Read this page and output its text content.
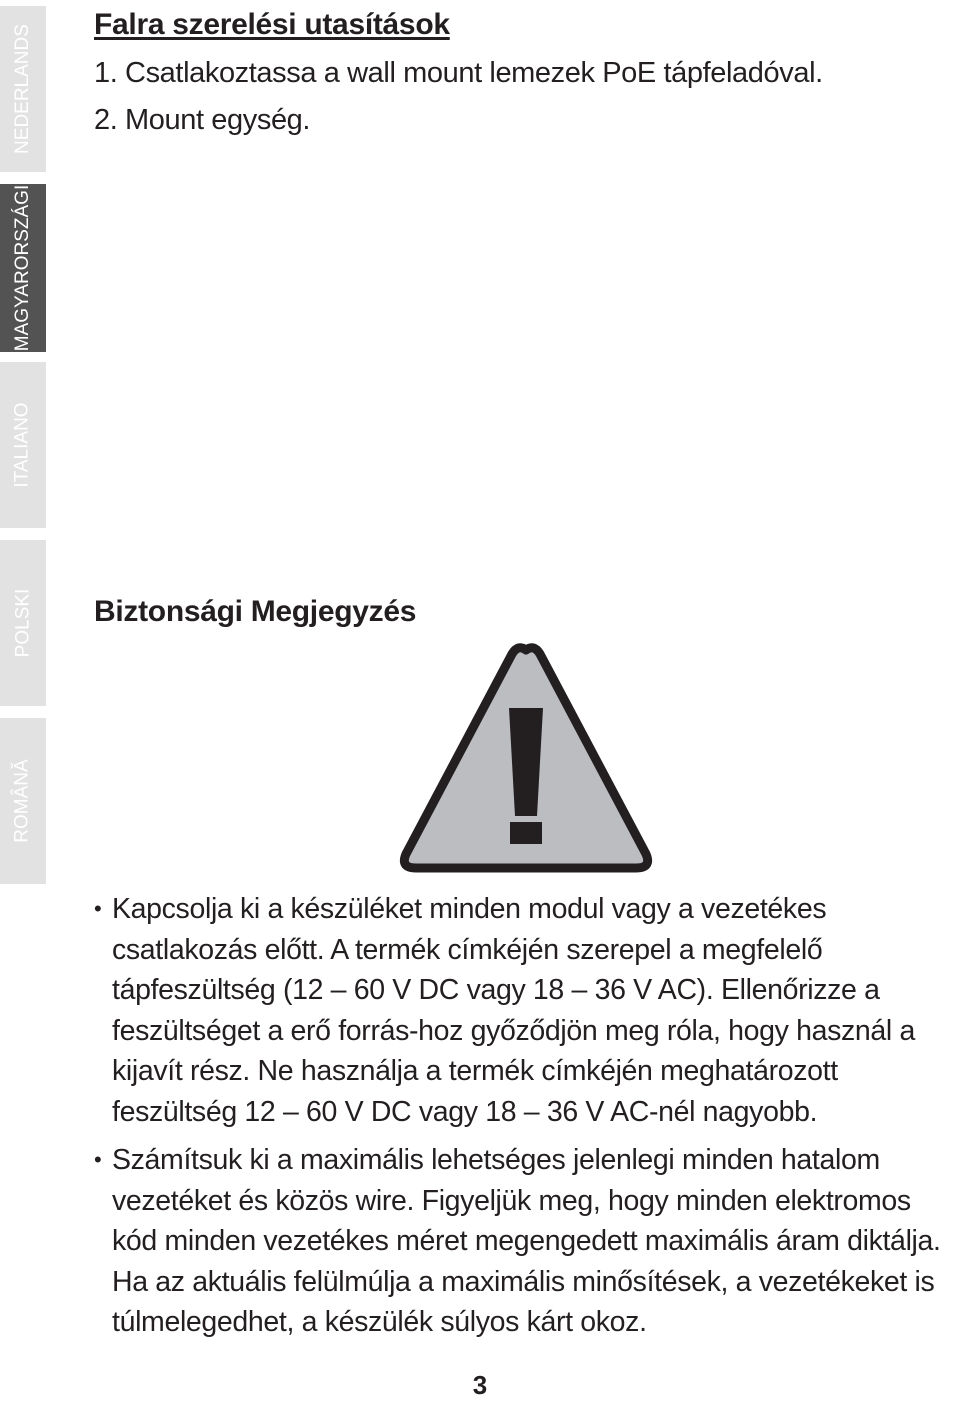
NEDERLANDS
MAGYARORSZÁGI
ITALIANO
POLSKI
ROMÂNĂ
Falra szerelési utasítások

1. Csatlakoztassa a wall mount lemezek PoE tápfeladóval.

2. Mount egység.

Biztonsági Megjegyzés
• Kapcsolja ki a készüléket minden modul vagy a vezetékes csatlakozás előtt. A termék címkéjén szerepel a megfelelő tápfeszültség (12 – 60 V DC vagy 18 – 36 V AC). Ellenőrizze a feszültséget a erő forrás-hoz győződjön meg róla, hogy használ a kijavít rész. Ne használja a termék címkéjén meghatározott feszültség 12 – 60 V DC vagy 18 – 36 V AC-nél nagyobb.
• Számítsuk ki a maximális lehetséges jelenlegi minden hatalom vezetéket és közös wire. Figyeljük meg, hogy minden elektromos kód minden vezetékes méret megengedett maximális áram diktálja. Ha az aktuális felülmúlja a maximális minősítések, a vezetékeket is túlmelegedhet, a készülék súlyos kárt okoz.

3
